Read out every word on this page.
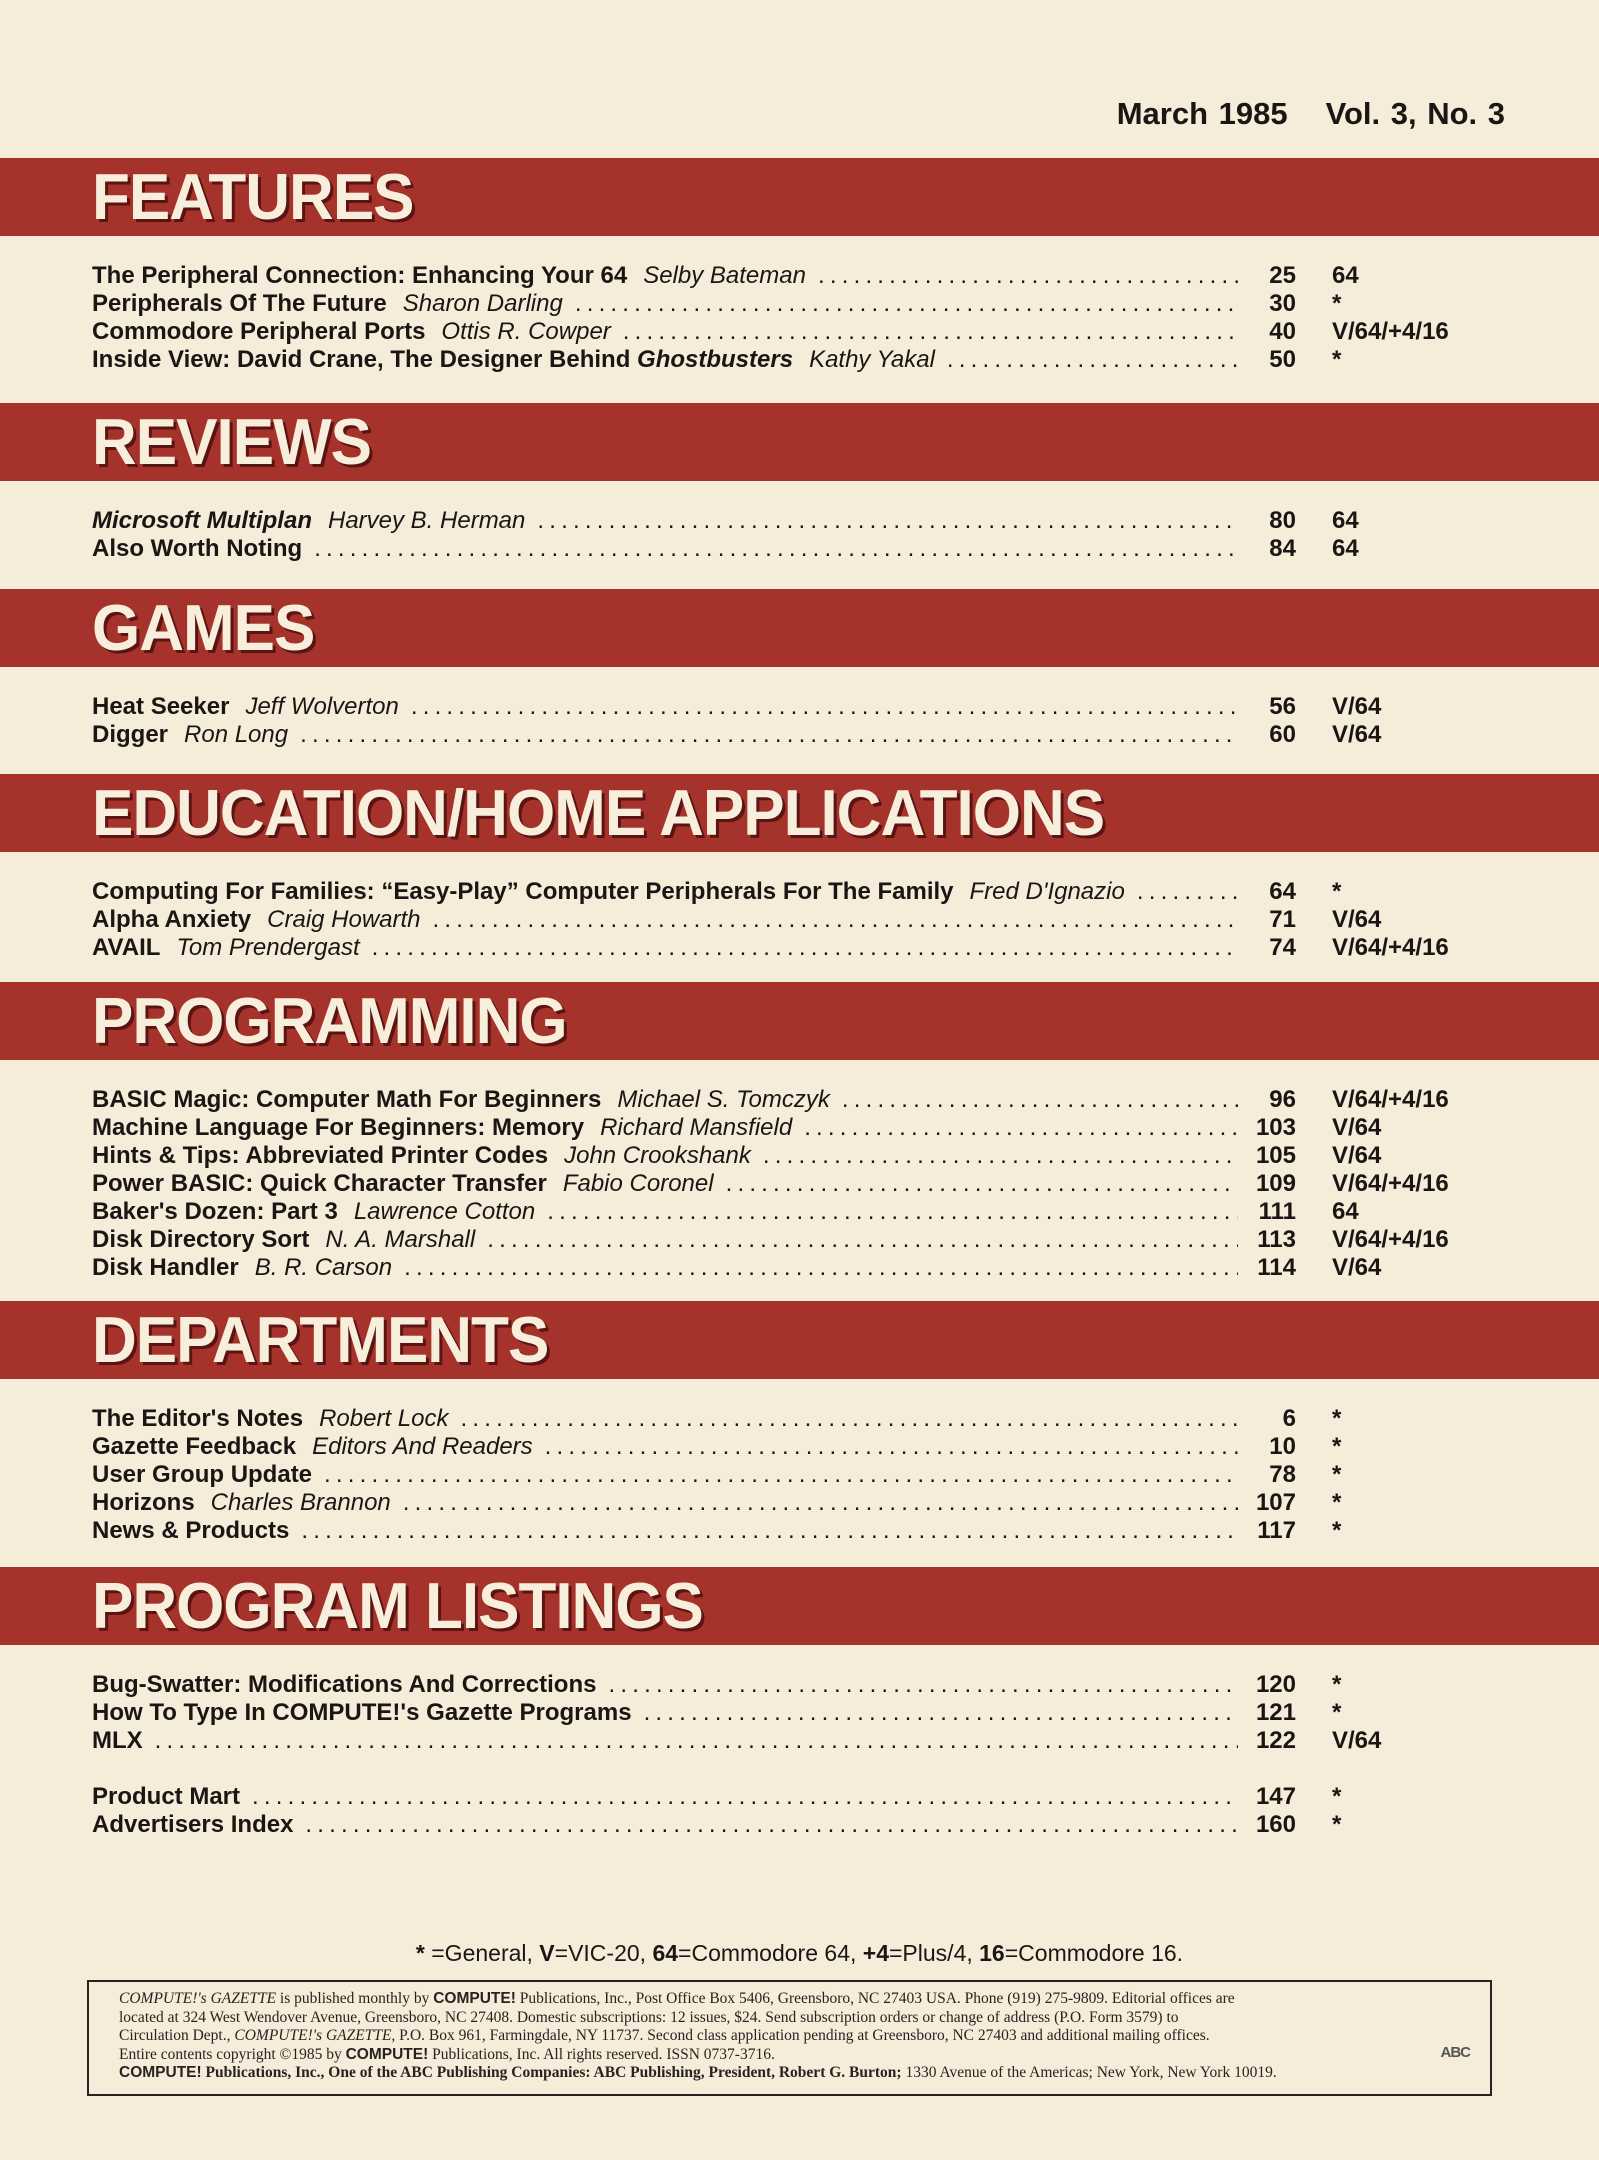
March 1985 Vol. 3, No. 3
FEATURES
The Peripheral Connection: Enhancing Your 64 Selby Bateman .....	25 64
Peripherals Of The Future Sharon Darling .....	30 *
Commodore Peripheral Ports Ottis R. Cowper .....	40 V/64/+4/16
Inside View: David Crane, The Designer Behind Ghostbusters Kathy Yakal .....	50 *
REVIEWS
Microsoft Multiplan Harvey B. Herman .....	80 64
Also Worth Noting .....	84 64
GAMES
Heat Seeker Jeff Wolverton .....	56 V/64
Digger Ron Long .....	60 V/64
EDUCATION/HOME APPLICATIONS
Computing For Families: “Easy-Play” Computer Peripherals For The Family Fred D'Ignazio .....	64 *
Alpha Anxiety Craig Howarth .....	71 V/64
AVAIL Tom Prendergast .....	74 V/64/+4/16
PROGRAMMING
BASIC Magic: Computer Math For Beginners Michael S. Tomczyk .....	96 V/64/+4/16
Machine Language For Beginners: Memory Richard Mansfield .....	103 V/64
Hints & Tips: Abbreviated Printer Codes John Crookshank .....	105 V/64
Power BASIC: Quick Character Transfer Fabio Coronel .....	109 V/64/+4/16
Baker's Dozen: Part 3 Lawrence Cotton .....	111 64
Disk Directory Sort N. A. Marshall .....	113 V/64/+4/16
Disk Handler B. R. Carson .....	114 V/64
DEPARTMENTS
The Editor's Notes Robert Lock .....	6 *
Gazette Feedback Editors And Readers .....	10 *
User Group Update .....	78 *
Horizons Charles Brannon .....	107 *
News & Products .....	117 *
PROGRAM LISTINGS
Bug-Swatter: Modifications And Corrections .....	120 *
How To Type In COMPUTE!'s Gazette Programs .....	121 *
MLX .....	122 V/64
Product Mart .....	147 *
Advertisers Index .....	160 *
* =General, V=VIC-20, 64=Commodore 64, +4=Plus/4, 16=Commodore 16.
ABC
COMPUTE!'s GAZETTE is published monthly by COMPUTE! Publications, Inc., Post Office Box 5406, Greensboro, NC 27403 USA. Phone (919) 275-9809. Editorial offices are
located at 324 West Wendover Avenue, Greensboro, NC 27408. Domestic subscriptions: 12 issues, $24. Send subscription orders or change of address (P.O. Form 3579) to
Circulation Dept., COMPUTE!'s GAZETTE, P.O. Box 961, Farmingdale, NY 11737. Second class application pending at Greensboro, NC 27403 and additional mailing offices.
Entire contents copyright ©1985 by COMPUTE! Publications, Inc. All rights reserved. ISSN 0737-3716.
COMPUTE! Publications, Inc., One of the ABC Publishing Companies: ABC Publishing, President, Robert G. Burton; 1330 Avenue of the Americas; New York, New York 10019.
